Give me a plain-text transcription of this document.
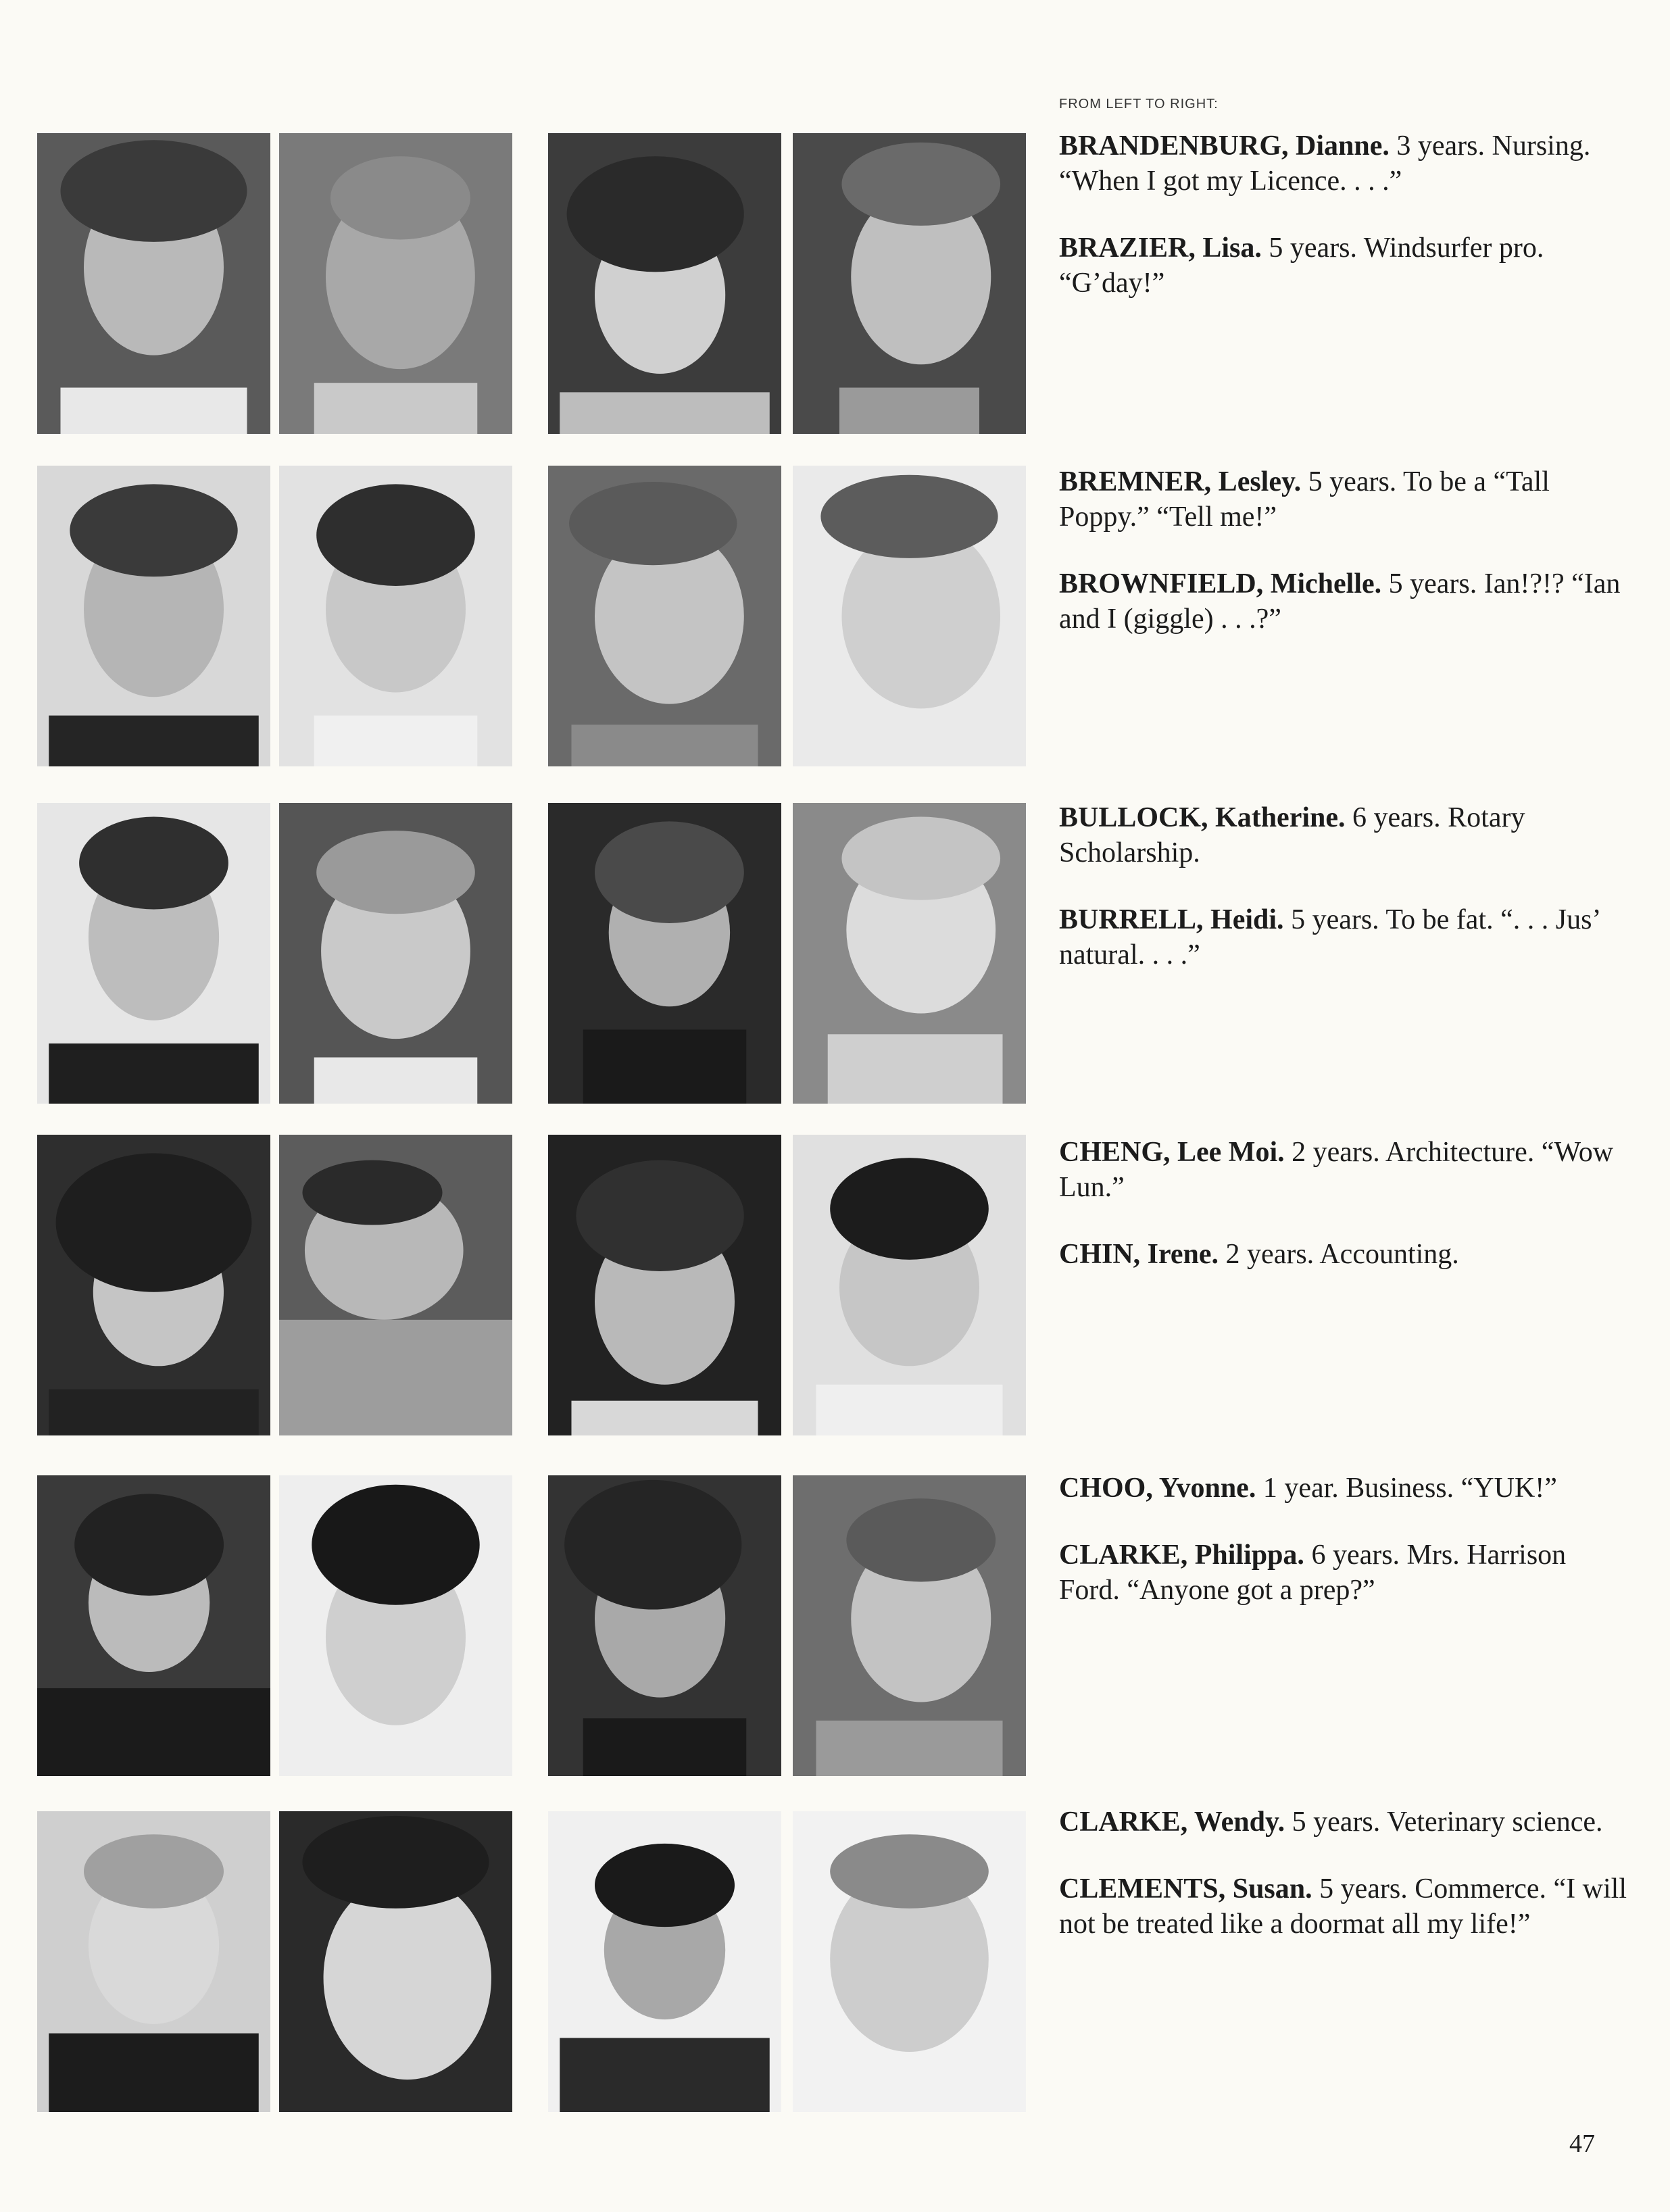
FROM LEFT TO RIGHT:
BRANDENBURG, Dianne. 3 years. Nursing. “When I got my Licence. . . .”
BRAZIER, Lisa. 5 years. Windsurfer pro. “G’day!”
BREMNER, Lesley. 5 years. To be a “Tall Poppy.” “Tell me!”
BROWNFIELD, Michelle. 5 years. Ian!?!? “Ian and I (giggle) . . .?”
BULLOCK, Katherine. 6 years. Rotary Scholarship.
BURRELL, Heidi. 5 years. To be fat. “. . . Jus’ natural. . . .”
CHENG, Lee Moi. 2 years. Architecture. “Wow Lun.”
CHIN, Irene. 2 years. Accounting.
CHOO, Yvonne. 1 year. Business. “YUK!”
CLARKE, Philippa. 6 years. Mrs. Harrison Ford. “Anyone got a prep?”
CLARKE, Wendy. 5 years. Veterinary science.
CLEMENTS, Susan. 5 years. Commerce. “I will not be treated like a doormat all my life!”
47
